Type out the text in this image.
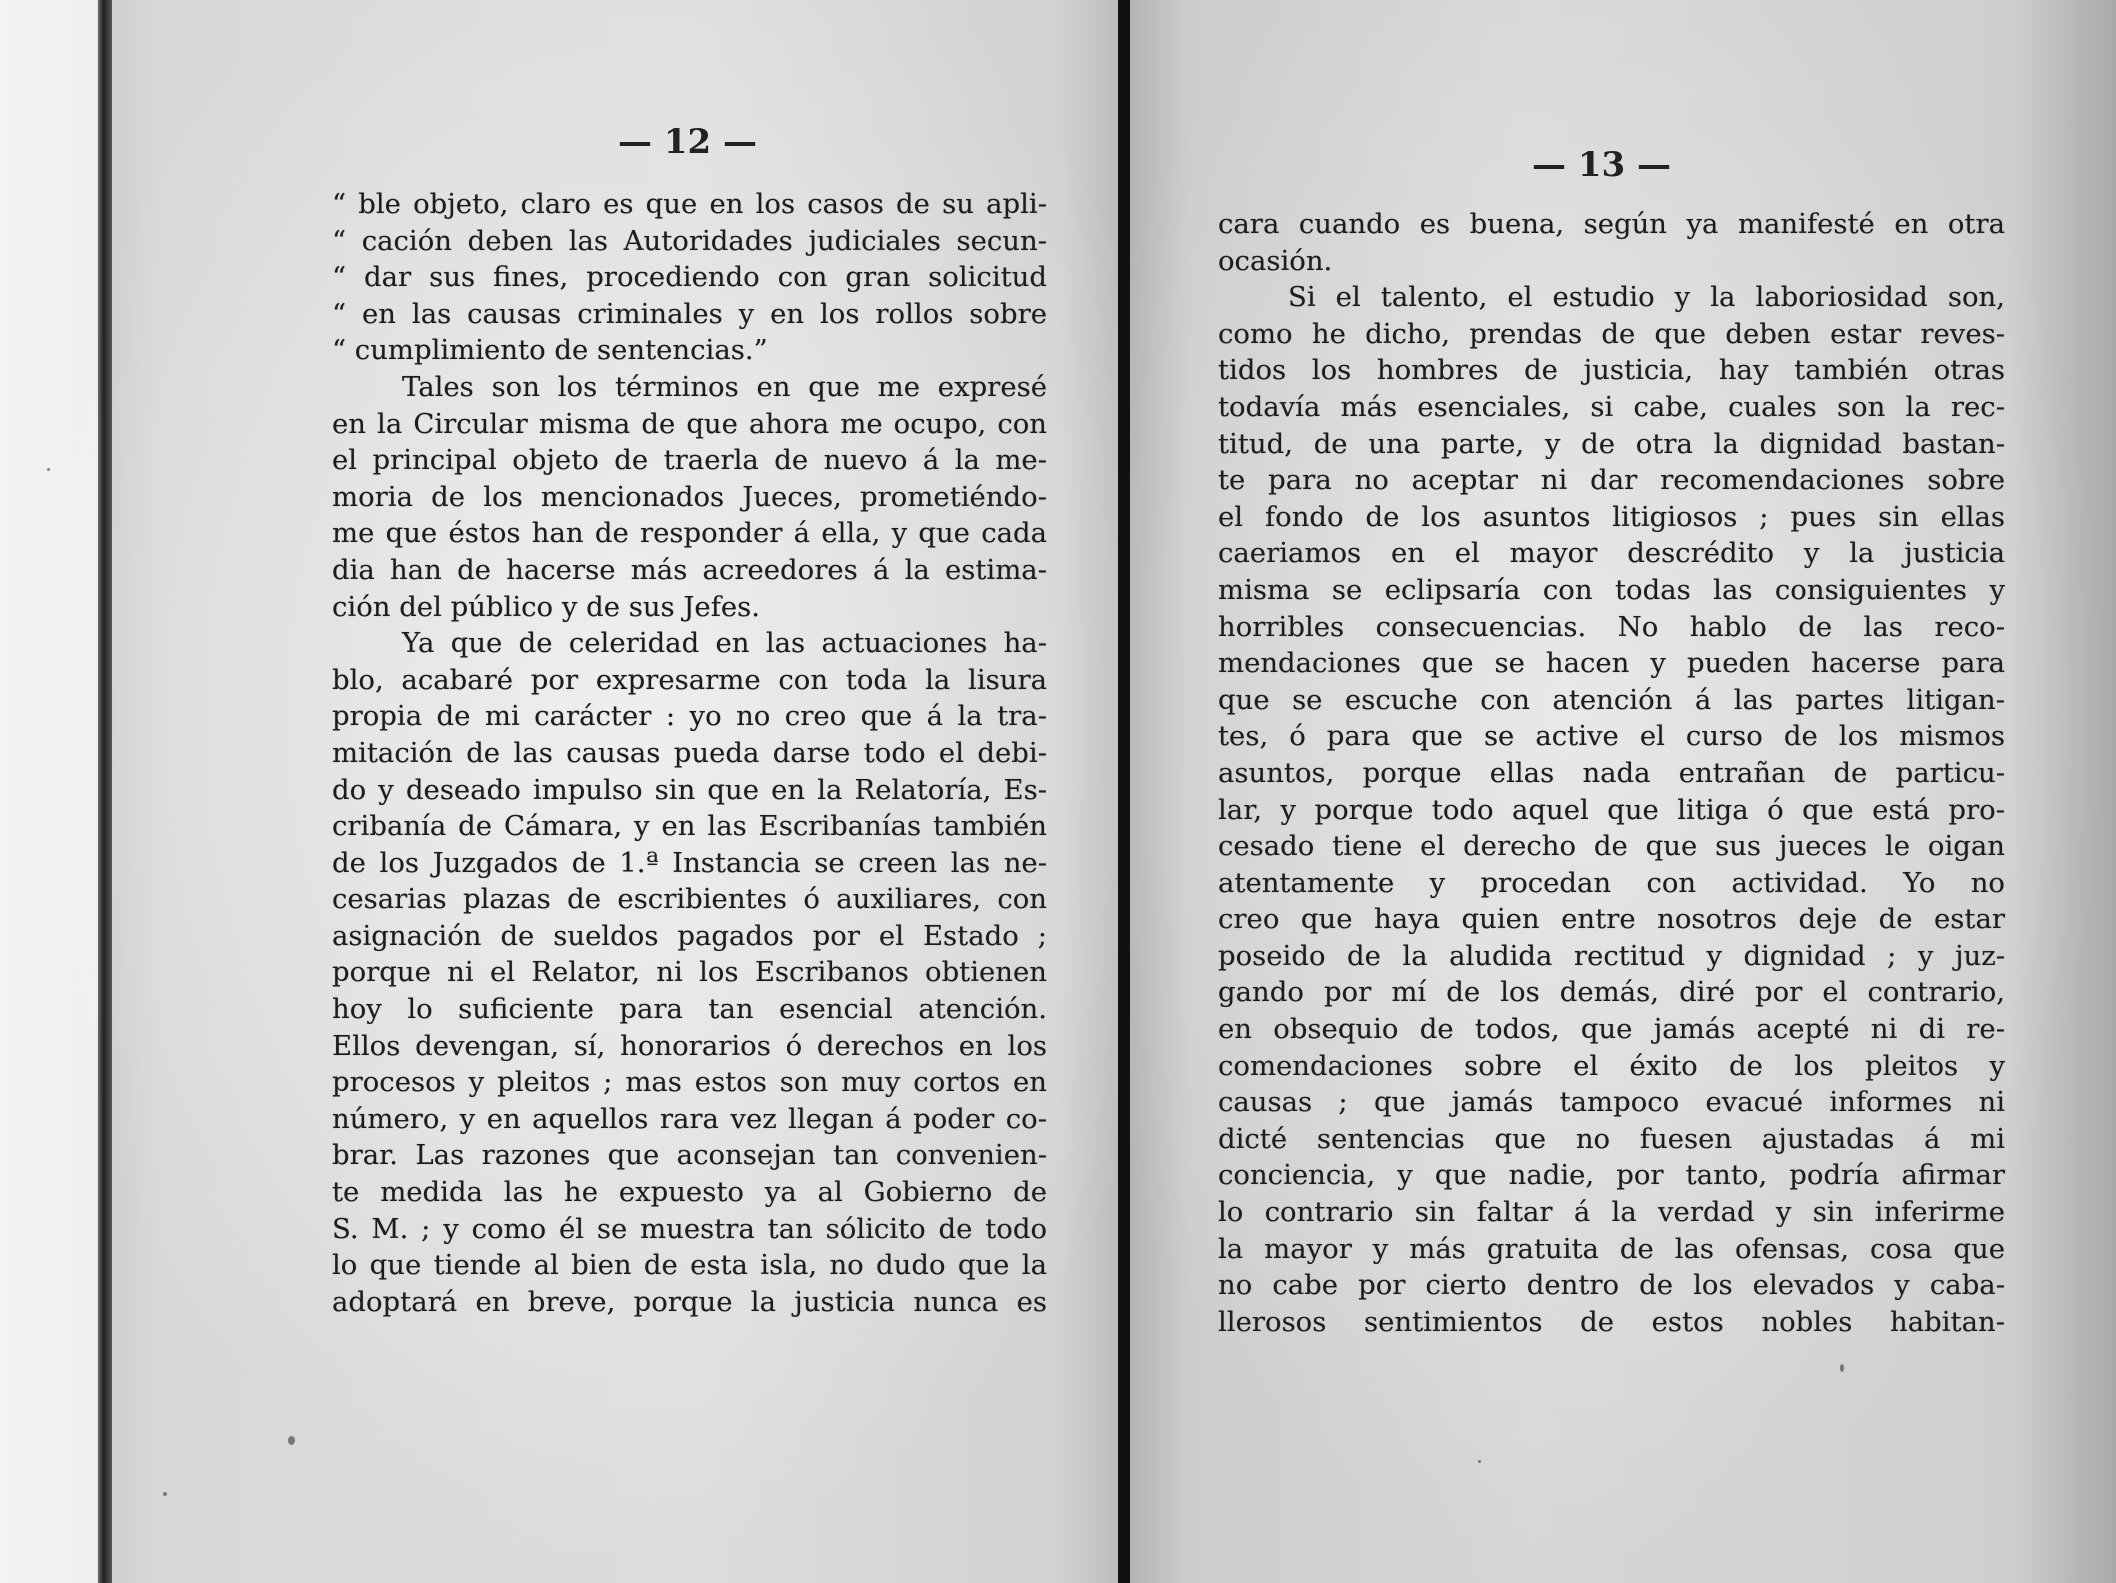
— 12 —
“ ble objeto, claro es que en los casos de su apli-
“ cación deben las Autoridades judiciales secun-
“ dar sus fines, procediendo con gran solicitud
“ en las causas criminales y en los rollos sobre
“ cumplimiento de sentencias.”
Tales son los términos en que me expresé
en la Circular misma de que ahora me ocupo, con
el principal objeto de traerla de nuevo á la me-
moria de los mencionados Jueces, prometiéndo-
me que éstos han de responder á ella, y que cada
dia han de hacerse más acreedores á la estima-
ción del público y de sus Jefes.
Ya que de celeridad en las actuaciones ha-
blo, acabaré por expresarme con toda la lisura
propia de mi carácter : yo no creo que á la tra-
mitación de las causas pueda darse todo el debi-
do y deseado impulso sin que en la Relatoría, Es-
cribanía de Cámara, y en las Escribanías también
de los Juzgados de 1.ª Instancia se creen las ne-
cesarias plazas de escribientes ó auxiliares, con
asignación de sueldos pagados por el Estado ;
porque ni el Relator, ni los Escribanos obtienen
hoy lo suficiente para tan esencial atención.
Ellos devengan, sí, honorarios ó derechos en los
procesos y pleitos ; mas estos son muy cortos en
número, y en aquellos rara vez llegan á poder co-
brar. Las razones que aconsejan tan convenien-
te medida las he expuesto ya al Gobierno de
S. M. ; y como él se muestra tan sólicito de todo
lo que tiende al bien de esta isla, no dudo que la
adoptará en breve, porque la justicia nunca es
— 13 —
cara cuando es buena, según ya manifesté en otra
ocasión.
Si el talento, el estudio y la laboriosidad son,
como he dicho, prendas de que deben estar reves-
tidos los hombres de justicia, hay también otras
todavía más esenciales, si cabe, cuales son la rec-
titud, de una parte, y de otra la dignidad bastan-
te para no aceptar ni dar recomendaciones sobre
el fondo de los asuntos litigiosos ; pues sin ellas
caeriamos en el mayor descrédito y la justicia
misma se eclipsaría con todas las consiguientes y
horribles consecuencias. No hablo de las reco-
mendaciones que se hacen y pueden hacerse para
que se escuche con atención á las partes litigan-
tes, ó para que se active el curso de los mismos
asuntos, porque ellas nada entrañan de particu-
lar, y porque todo aquel que litiga ó que está pro-
cesado tiene el derecho de que sus jueces le oigan
atentamente y procedan con actividad. Yo no
creo que haya quien entre nosotros deje de estar
poseido de la aludida rectitud y dignidad ; y juz-
gando por mí de los demás, diré por el contrario,
en obsequio de todos, que jamás acepté ni di re-
comendaciones sobre el éxito de los pleitos y
causas ; que jamás tampoco evacué informes ni
dicté sentencias que no fuesen ajustadas á mi
conciencia, y que nadie, por tanto, podría afirmar
lo contrario sin faltar á la verdad y sin inferirme
la mayor y más gratuita de las ofensas, cosa que
no cabe por cierto dentro de los elevados y caba-
llerosos sentimientos de estos nobles habitan-
